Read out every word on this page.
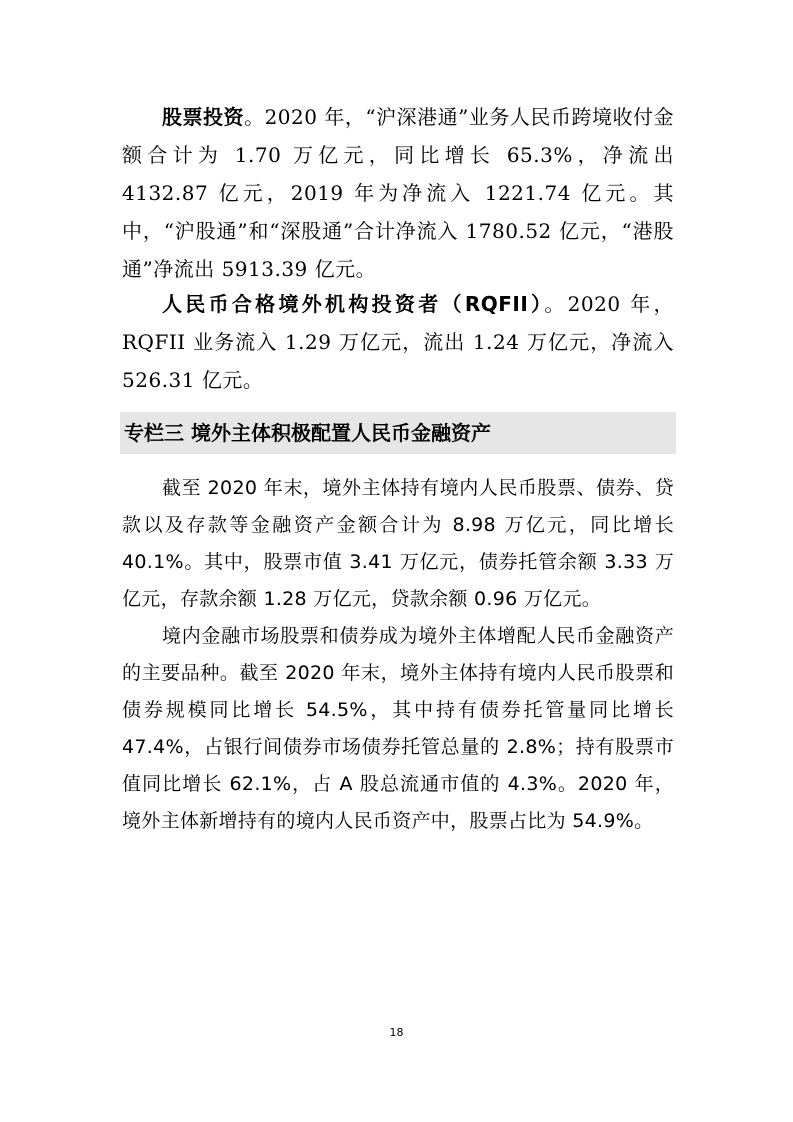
股票投资。2020 年，“沪深港通”业务人民币跨境收付金额合计为 1.70 万亿元，同比增长 65.3%，净流出 4132.87 亿元，2019 年为净流入 1221.74 亿元。其中，“沪股通”和“深股通”合计净流入 1780.52 亿元，“港股通”净流出 5913.39 亿元。

人民币合格境外机构投资者（RQFII）。2020 年，RQFII 业务流入 1.29 万亿元，流出 1.24 万亿元，净流入 526.31 亿元。

专栏三 境外主体积极配置人民币金融资产

截至 2020 年末，境外主体持有境内人民币股票、债券、贷款以及存款等金融资产金额合计为 8.98 万亿元，同比增长 40.1%。其中，股票市值 3.41 万亿元，债券托管余额 3.33 万亿元，存款余额 1.28 万亿元，贷款余额 0.96 万亿元。

境内金融市场股票和债券成为境外主体增配人民币金融资产的主要品种。截至 2020 年末，境外主体持有境内人民币股票和债券规模同比增长 54.5%，其中持有债券托管量同比增长 47.4%，占银行间债券市场债券托管总量的 2.8%；持有股票市值同比增长 62.1%，占 A 股总流通市值的 4.3%。2020 年，境外主体新增持有的境内人民币资产中，股票占比为 54.9%。

18
